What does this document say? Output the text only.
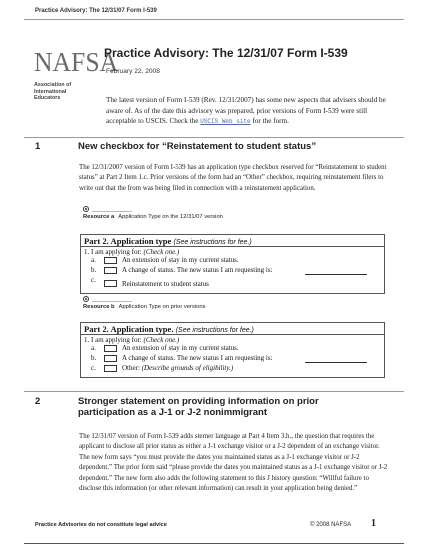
Practice Advisory: The 12/31/07 Form I-539
NAFSA
Association of
International Educators
Practice Advisory: The 12/31/07 Form I-539
February 22, 2008
The latest version of Form I-539 (Rev. 12/31/2007) has some new aspects that advisers should be aware of. As of the date this advisory was prepared, prior versions of Form I-539 were still acceptable to USCIS. Check the USCIS Web site for the form.
1	New checkbox for “Reinstatement to student status”
The 12/31/2007 version of Form I-539 has an application type checkbox reserved for “Reinstatement to student status” at Part 2 Item 1.c. Prior versions of the form had an “Other” checkbox, requiring reinstatement filers to write out that the from was being filed in connection with a reinstatement application.
Resource a Application Type on the 12/31/07 version
Part 2. Application type (See instructions for fee.)
1. I am applying for: (Check one.)
a.	An extension of stay in my current status.
b.	A change of status. The new status I am requesting is:
c.	Reinstatement to student status
Resource b Application Type on prior versions
Part 2. Application type. (See instructions for fee.)
1. I am applying for: (Check one.)
a.	An extension of stay in my current status.
b.	A change of status. The new status I am requesting is:
c.	Other: (Describe grounds of eligibility.)
2	Stronger statement on providing information on prior
participation as a J-1 or J-2 nonimmigrant
The 12/31/07 version of Form I-539 adds sterner language at Part 4 Item 3.h., the question that requires the applicant to disclose all prior status as either a J-1 exchange visitor or a J-2 dependent of an exchange visitor. The new form says “you must provide the dates you maintained status as a J-1 exchange visitor or J-2 dependent.” The prior form said “please provide the dates you maintained status as a J-1 exchange visitor or J-2 dependent.” The new form also adds the following statement to this J history question: “Willful failure to disclose this information (or other relevant information) can result in your application being denied.”
Practice Advisories do not constitute legal advice	© 2008 NAFSA 1
